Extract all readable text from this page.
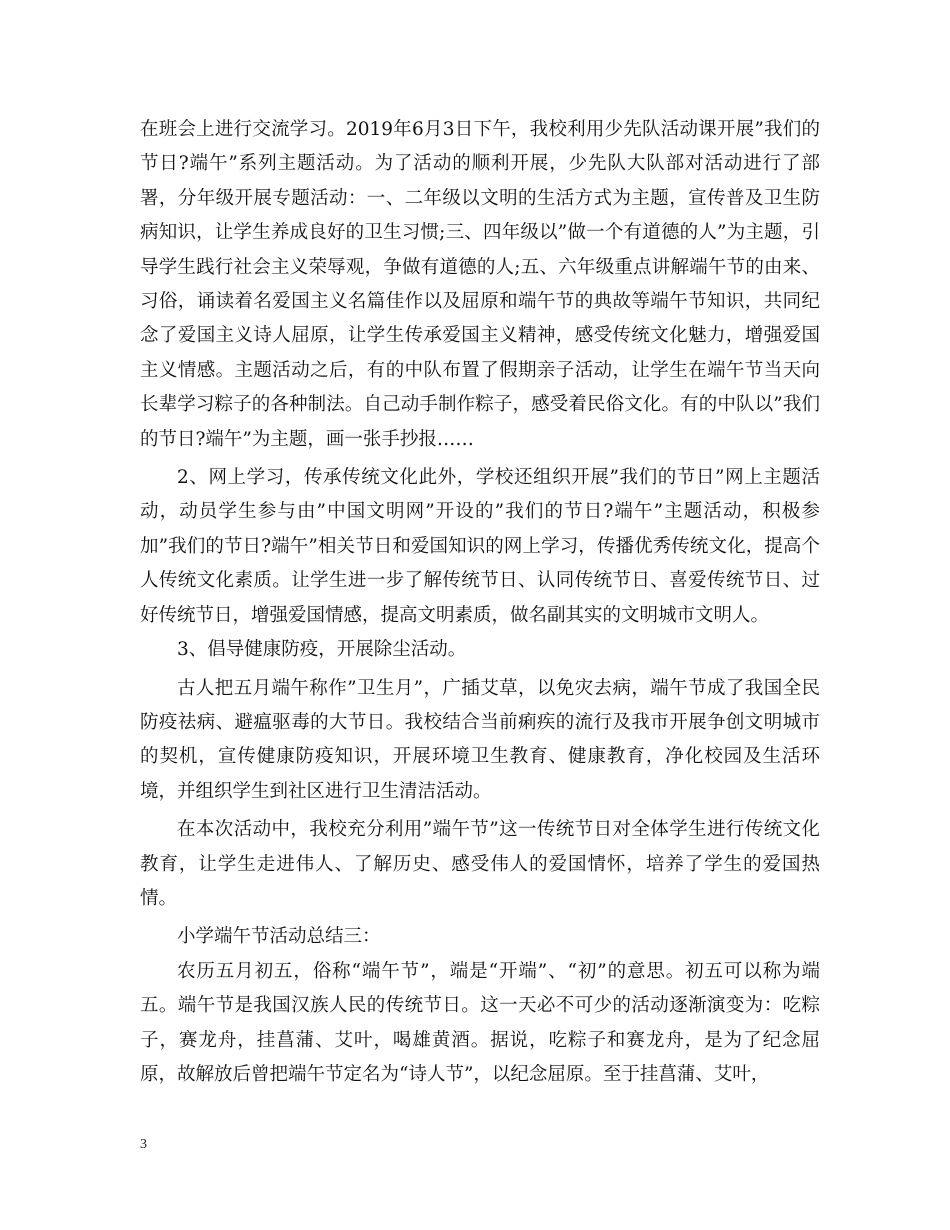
在班会上进行交流学习。2019年6月3日下午，我校利用少先队活动课开展”我们的节日?端午”系列主题活动。为了活动的顺利开展，少先队大队部对活动进行了部署，分年级开展专题活动：一、二年级以文明的生活方式为主题，宣传普及卫生防病知识，让学生养成良好的卫生习惯;三、四年级以”做一个有道德的人”为主题，引导学生践行社会主义荣辱观，争做有道德的人;五、六年级重点讲解端午节的由来、习俗，诵读着名爱国主义名篇佳作以及屈原和端午节的典故等端午节知识，共同纪念了爱国主义诗人屈原，让学生传承爱国主义精神，感受传统文化魅力，增强爱国主义情感。主题活动之后，有的中队布置了假期亲子活动，让学生在端午节当天向长辈学习粽子的各种制法。自己动手制作粽子，感受着民俗文化。有的中队以”我们的节日?端午”为主题，画一张手抄报……

2、网上学习，传承传统文化此外，学校还组织开展”我们的节日”网上主题活动，动员学生参与由”中国文明网”开设的”我们的节日?端午”主题活动，积极参加”我们的节日?端午”相关节日和爱国知识的网上学习，传播优秀传统文化，提高个人传统文化素质。让学生进一步了解传统节日、认同传统节日、喜爱传统节日、过好传统节日，增强爱国情感，提高文明素质，做名副其实的文明城市文明人。

3、倡导健康防疫，开展除尘活动。

古人把五月端午称作”卫生月”，广插艾草，以免灾去病，端午节成了我国全民防疫祛病、避瘟驱毒的大节日。我校结合当前痢疾的流行及我市开展争创文明城市的契机，宣传健康防疫知识，开展环境卫生教育、健康教育，净化校园及生活环境，并组织学生到社区进行卫生清洁活动。

在本次活动中，我校充分利用”端午节”这一传统节日对全体学生进行传统文化教育，让学生走进伟人、了解历史、感受伟人的爱国情怀，培养了学生的爱国热情。

小学端午节活动总结三：

农历五月初五，俗称“端午节”，端是“开端”、“初”的意思。初五可以称为端五。端午节是我国汉族人民的传统节日。这一天必不可少的活动逐渐演变为：吃粽子，赛龙舟，挂菖蒲、艾叶，喝雄黄酒。据说，吃粽子和赛龙舟，是为了纪念屈原，故解放后曾把端午节定名为“诗人节”，以纪念屈原。至于挂菖蒲、艾叶，

3
